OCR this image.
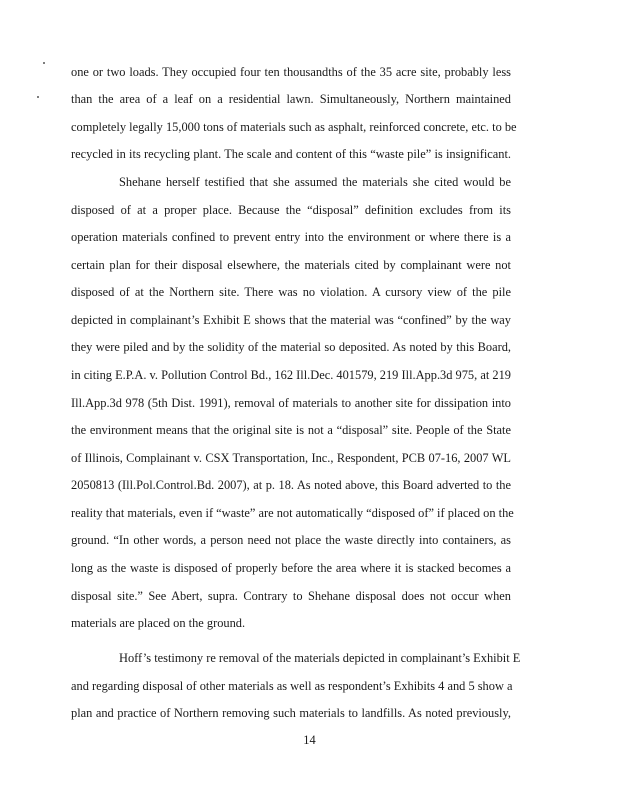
one or two loads. They occupied four ten thousandths of the 35 acre site, probably less
than the area of a leaf on a residential lawn. Simultaneously, Northern maintained
completely legally 15,000 tons of materials such as asphalt, reinforced concrete, etc. to be
recycled in its recycling plant. The scale and content of this “waste pile” is insignificant.
Shehane herself testified that she assumed the materials she cited would be
disposed of at a proper place. Because the “disposal” definition excludes from its
operation materials confined to prevent entry into the environment or where there is a
certain plan for their disposal elsewhere, the materials cited by complainant were not
disposed of at the Northern site. There was no violation. A cursory view of the pile
depicted in complainant’s Exhibit E shows that the material was “confined” by the way
they were piled and by the solidity of the material so deposited. As noted by this Board,
in citing E.P.A. v. Pollution Control Bd., 162 Ill.Dec. 401579, 219 Ill.App.3d 975, at 219
Ill.App.3d 978 (5th Dist. 1991), removal of materials to another site for dissipation into
the environment means that the original site is not a “disposal” site. People of the State
of Illinois, Complainant v. CSX Transportation, Inc., Respondent, PCB 07-16, 2007 WL
2050813 (Ill.Pol.Control.Bd. 2007), at p. 18. As noted above, this Board adverted to the
reality that materials, even if “waste” are not automatically “disposed of” if placed on the
ground. “In other words, a person need not place the waste directly into containers, as
long as the waste is disposed of properly before the area where it is stacked becomes a
disposal site.” See Abert, supra. Contrary to Shehane disposal does not occur when
materials are placed on the ground.
Hoff’s testimony re removal of the materials depicted in complainant’s Exhibit E
and regarding disposal of other materials as well as respondent’s Exhibits 4 and 5 show a
plan and practice of Northern removing such materials to landfills. As noted previously,
14
